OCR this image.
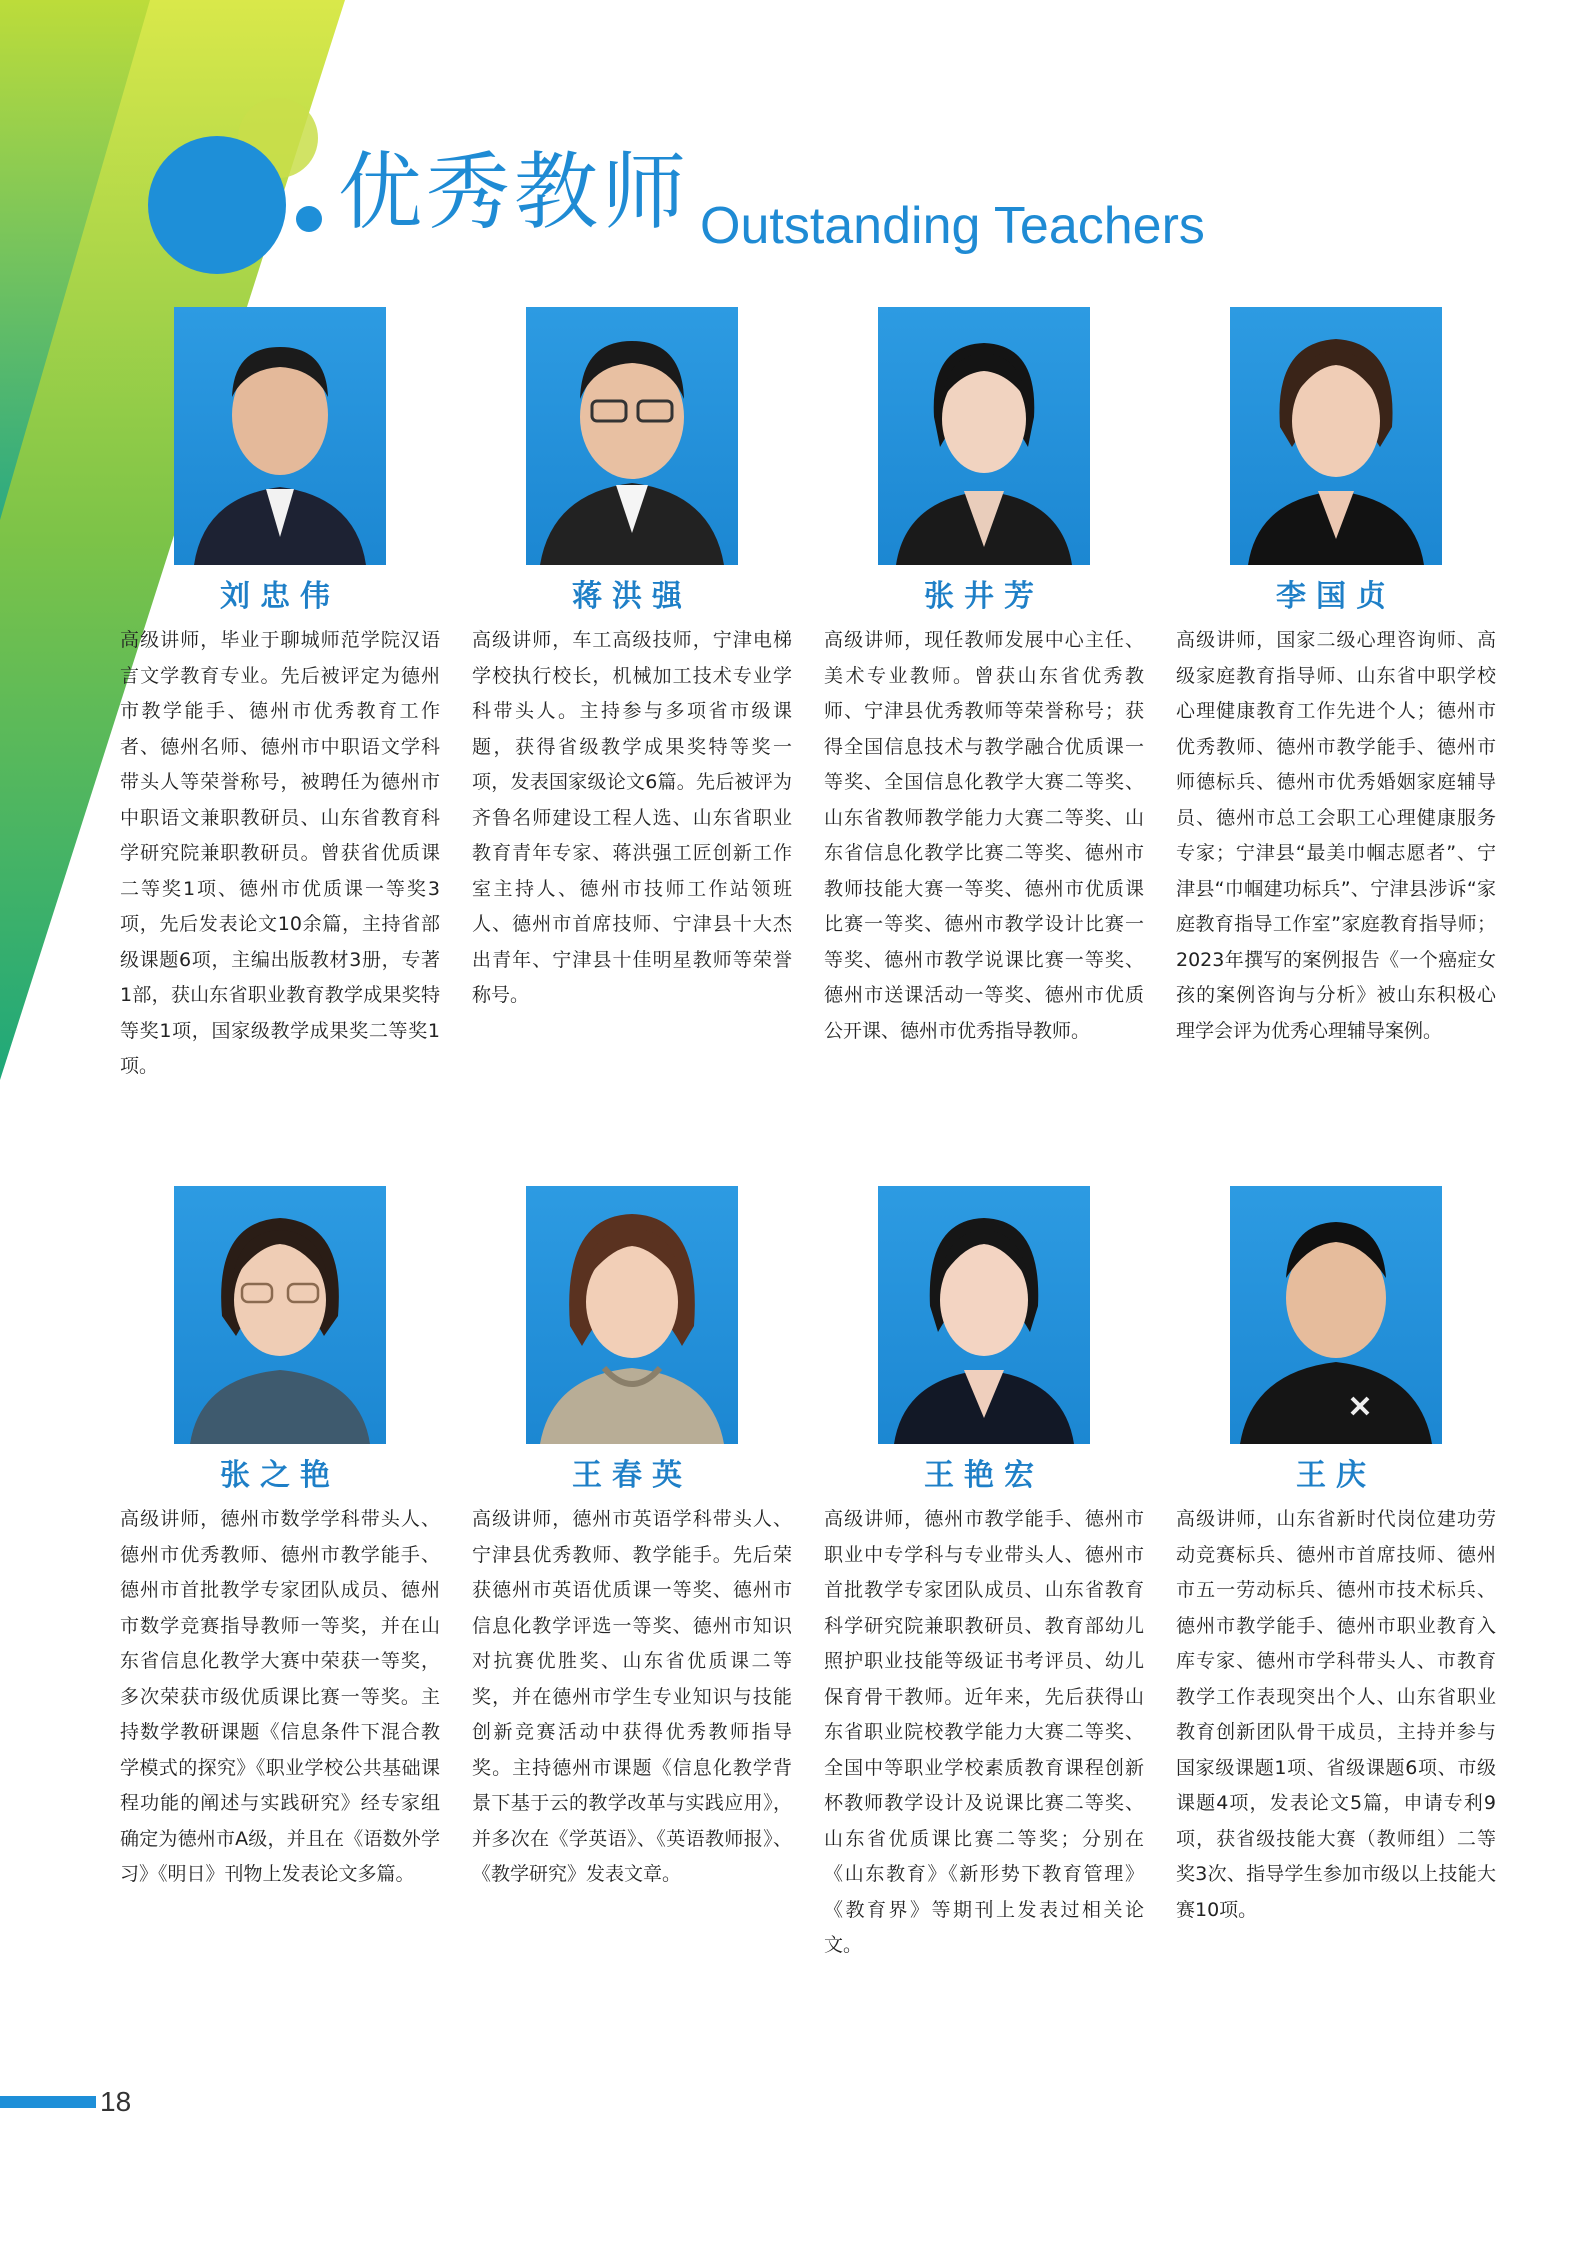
优秀教师 Outstanding Teachers
刘忠伟
高级讲师，毕业于聊城师范学院汉语言文学教育专业。先后被评定为德州市教学能手、德州市优秀教育工作者、德州名师、德州市中职语文学科带头人等荣誉称号，被聘任为德州市中职语文兼职教研员、山东省教育科学研究院兼职教研员。曾获省优质课二等奖1项、德州市优质课一等奖3项，先后发表论文10余篇，主持省部级课题6项，主编出版教材3册，专著1部，获山东省职业教育教学成果奖特等奖1项，国家级教学成果奖二等奖1项。
蒋洪强
高级讲师，车工高级技师，宁津电梯学校执行校长，机械加工技术专业学科带头人。主持参与多项省市级课题，获得省级教学成果奖特等奖一项，发表国家级论文6篇。先后被评为齐鲁名师建设工程人选、山东省职业教育青年专家、蒋洪强工匠创新工作室主持人、德州市技师工作站领班人、德州市首席技师、宁津县十大杰出青年、宁津县十佳明星教师等荣誉称号。
张井芳
高级讲师，现任教师发展中心主任、美术专业教师。曾获山东省优秀教师、宁津县优秀教师等荣誉称号；获得全国信息技术与教学融合优质课一等奖、全国信息化教学大赛二等奖、山东省教师教学能力大赛二等奖、山东省信息化教学比赛二等奖、德州市教师技能大赛一等奖、德州市优质课比赛一等奖、德州市教学设计比赛一等奖、德州市教学说课比赛一等奖、德州市送课活动一等奖、德州市优质公开课、德州市优秀指导教师。
李国贞
高级讲师，国家二级心理咨询师、高级家庭教育指导师、山东省中职学校心理健康教育工作先进个人；德州市优秀教师、德州市教学能手、德州市师德标兵、德州市优秀婚姻家庭辅导员、德州市总工会职工心理健康服务专家；宁津县“最美巾帼志愿者”、宁津县“巾帼建功标兵”、宁津县涉诉“家庭教育指导工作室”家庭教育指导师；2023年撰写的案例报告《一个癌症女孩的案例咨询与分析》被山东积极心理学会评为优秀心理辅导案例。
张之艳
高级讲师，德州市数学学科带头人、德州市优秀教师、德州市教学能手、德州市首批教学专家团队成员、德州市数学竞赛指导教师一等奖，并在山东省信息化教学大赛中荣获一等奖，多次荣获市级优质课比赛一等奖。主持数学教研课题《信息条件下混合教学模式的探究》《职业学校公共基础课程功能的阐述与实践研究》经专家组确定为德州市A级，并且在《语数外学习》《明日》刊物上发表论文多篇。
王春英
高级讲师，德州市英语学科带头人、宁津县优秀教师、教学能手。先后荣获德州市英语优质课一等奖、德州市信息化教学评选一等奖、德州市知识对抗赛优胜奖、山东省优质课二等奖，并在德州市学生专业知识与技能创新竞赛活动中获得优秀教师指导奖。主持德州市课题《信息化教学背景下基于云的教学改革与实践应用》，并多次在《学英语》、《英语教师报》、《教学研究》发表文章。
王艳宏
高级讲师，德州市教学能手、德州市职业中专学科与专业带头人、德州市首批教学专家团队成员、山东省教育科学研究院兼职教研员、教育部幼儿照护职业技能等级证书考评员、幼儿保育骨干教师。近年来，先后获得山东省职业院校教学能力大赛二等奖、全国中等职业学校素质教育课程创新杯教师教学设计及说课比赛二等奖、山东省优质课比赛二等奖；分别在《山东教育》《新形势下教育管理》《教育界》等期刊上发表过相关论文。
王庆
高级讲师，山东省新时代岗位建功劳动竞赛标兵、德州市首席技师、德州市五一劳动标兵、德州市技术标兵、德州市教学能手、德州市职业教育入库专家、德州市学科带头人、市教育教学工作表现突出个人、山东省职业教育创新团队骨干成员，主持并参与国家级课题1项、省级课题6项、市级课题4项，发表论文5篇，申请专利9项，获省级技能大赛（教师组）二等奖3次、指导学生参加市级以上技能大赛10项。
18
